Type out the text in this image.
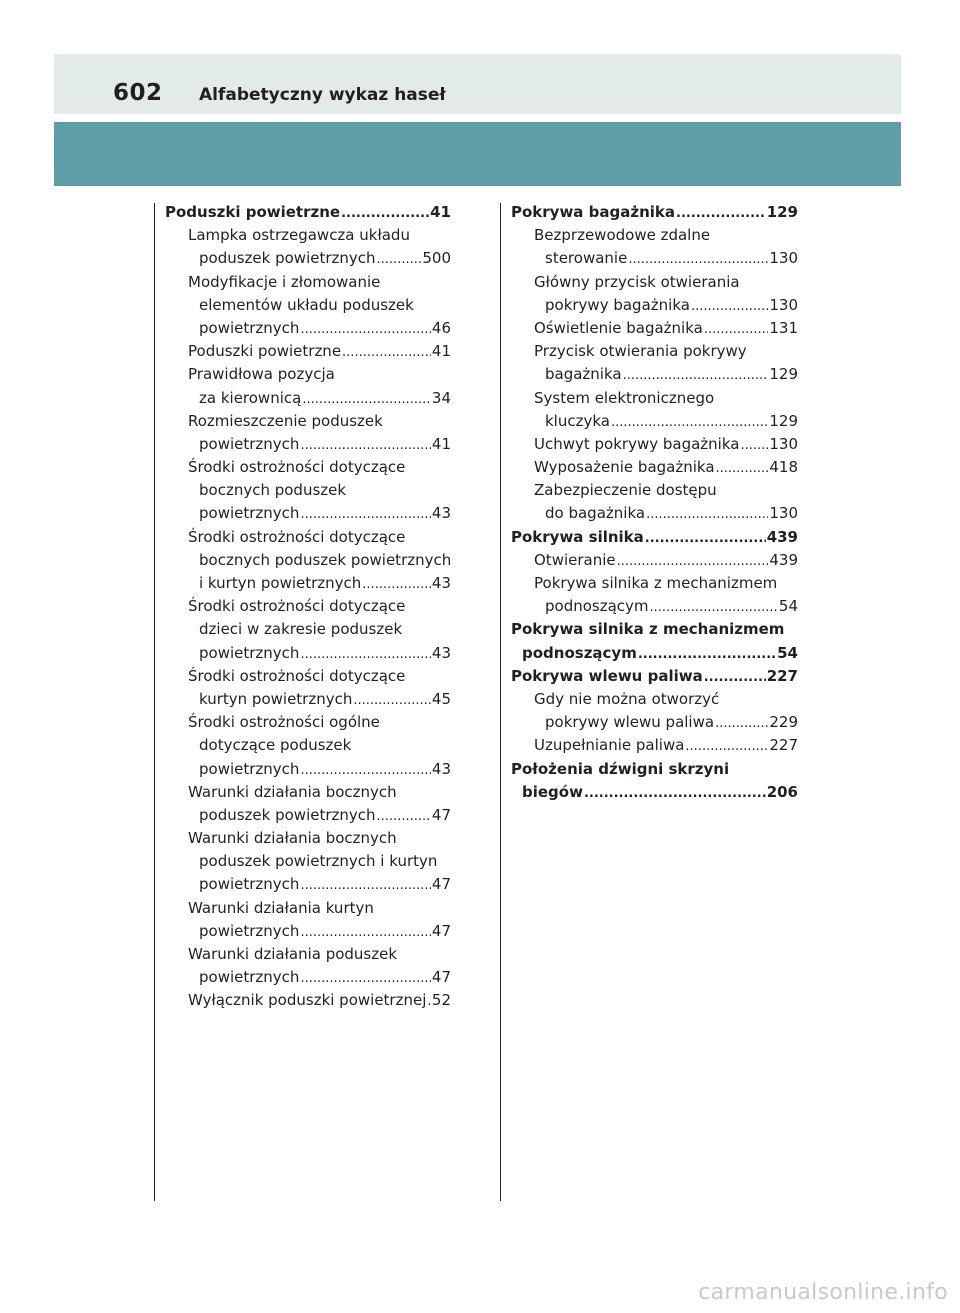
602 Alfabetyczny wykaz haseł
Poduszki powietrzne .....	41
Lampka ostrzegawcza układu
poduszek powietrznych .....	500
Modyfikacje i złomowanie
elementów układu poduszek
powietrznych .....	46
Poduszki powietrzne .....	41
Prawidłowa pozycja
za kierownicą .....	34
Rozmieszczenie poduszek
powietrznych .....	41
Środki ostrożności dotyczące
bocznych poduszek
powietrznych .....	43
Środki ostrożności dotyczące
bocznych poduszek powietrznych
i kurtyn powietrznych .....	43
Środki ostrożności dotyczące
dzieci w zakresie poduszek
powietrznych .....	43
Środki ostrożności dotyczące
kurtyn powietrznych .....	45
Środki ostrożności ogólne
dotyczące poduszek
powietrznych .....	43
Warunki działania bocznych
poduszek powietrznych .....	47
Warunki działania bocznych
poduszek powietrznych i kurtyn
powietrznych .....	47
Warunki działania kurtyn
powietrznych .....	47
Warunki działania poduszek
powietrznych .....	47
Wyłącznik poduszki powietrznej ..... 52
Pokrywa bagażnika .....	129
Bezprzewodowe zdalne
sterowanie .....	130
Główny przycisk otwierania
pokrywy bagażnika .....	130
Oświetlenie bagażnika .....	131
Przycisk otwierania pokrywy
bagażnika .....	129
System elektronicznego
kluczyka .....	129
Uchwyt pokrywy bagażnika ..... 130
Wyposażenie bagażnika .....	418
Zabezpieczenie dostępu
do bagażnika .....	130
Pokrywa silnika .....	439
Otwieranie .....	439
Pokrywa silnika z mechanizmem
podnoszącym .....	54
Pokrywa silnika z mechanizmem
podnoszącym .....	54
Pokrywa wlewu paliwa .....	227
Gdy nie można otworzyć
pokrywy wlewu paliwa .....	229
Uzupełnianie paliwa .....	227
Położenia dźwigni skrzyni
biegów .....	206
carmanualsonline.info
